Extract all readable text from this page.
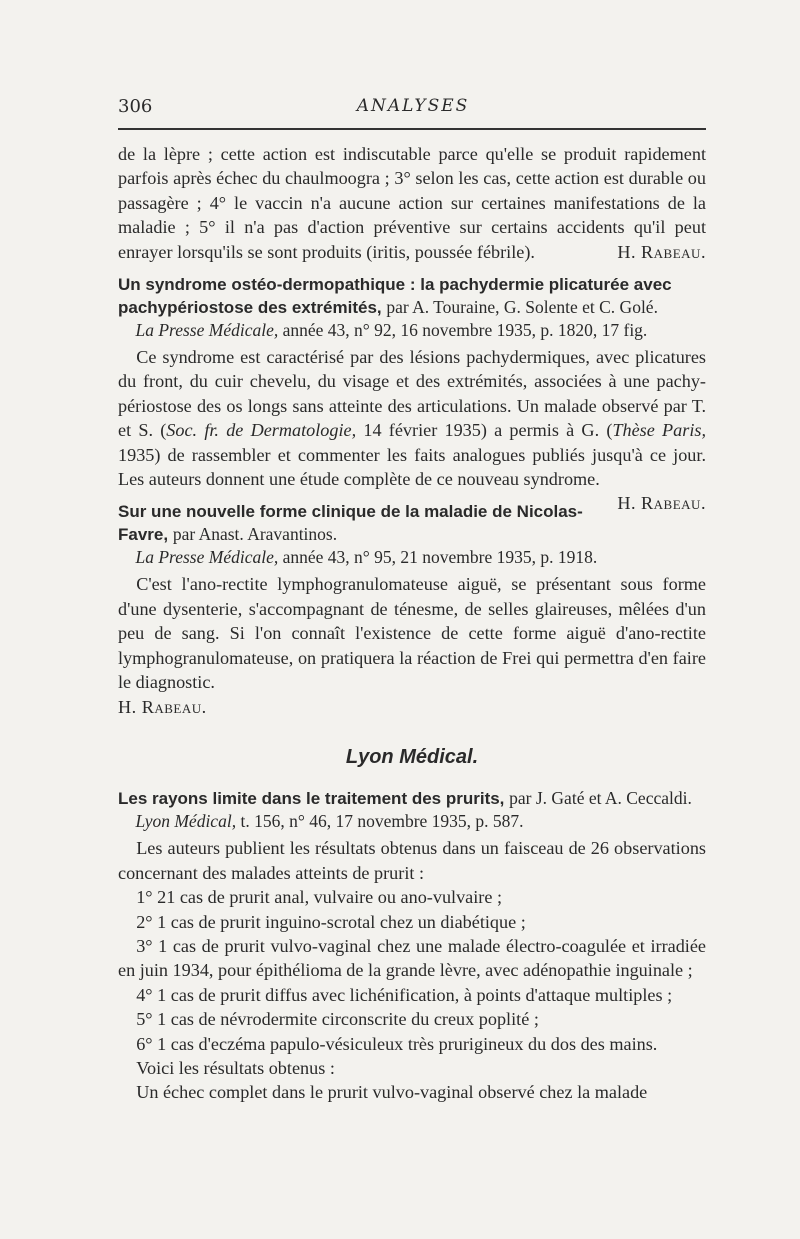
306	ANALYSES

de la lèpre ; cette action est indiscutable parce qu'elle se produit rapidement parfois après échec du chaulmoogra ; 3° selon les cas, cette action est durable ou passagère ; 4° le vaccin n'a aucune action sur certaines manifestations de la maladie ; 5° il n'a pas d'action préventive sur certains accidents qu'il peut enrayer lorsqu'ils se sont produits (iritis, poussée fébrile).	H. Rabeau.

Un syndrome ostéo-dermopathique : la pachydermie plicaturée avec pachypériostose des extrémités, par A. Touraine, G. Solente et C. Golé.
La Presse Médicale, année 43, n° 92, 16 novembre 1935, p. 1820, 17 fig.

Ce syndrome est caractérisé par des lésions pachydermiques, avec plicatures du front, du cuir chevelu, du visage et des extrémités, associées à une pachy-périostose des os longs sans atteinte des articulations. Un malade observé par T. et S. (Soc. fr. de Dermatologie, 14 février 1935) a permis à G. (Thèse Paris, 1935) de rassembler et commenter les faits analogues publiés jusqu'à ce jour. Les auteurs donnent une étude complète de ce nouveau syndrome.
H. Rabeau.

Sur une nouvelle forme clinique de la maladie de Nicolas-Favre, par Anast. Aravantinos.
La Presse Médicale, année 43, n° 95, 21 novembre 1935, p. 1918.

C'est l'ano-rectite lymphogranulomateuse aiguë, se présentant sous forme d'une dysenterie, s'accompagnant de ténesme, de selles glaireuses, mêlées d'un peu de sang. Si l'on connaît l'existence de cette forme aiguë d'ano-rectite lymphogranulomateuse, on pratiquera la réaction de Frei qui permettra d'en faire le diagnostic.

H. Rabeau.

Lyon Médical.
Les rayons limite dans le traitement des prurits, par J. Gaté et A. Ceccaldi.
Lyon Médical, t. 156, n° 46, 17 novembre 1935, p. 587.

Les auteurs publient les résultats obtenus dans un faisceau de 26 observations concernant des malades atteints de prurit :

1° 21 cas de prurit anal, vulvaire ou ano-vulvaire ;

2° 1 cas de prurit inguino-scrotal chez un diabétique ;

3° 1 cas de prurit vulvo-vaginal chez une malade électro-coagulée et irradiée en juin 1934, pour épithélioma de la grande lèvre, avec adénopathie inguinale ;

4° 1 cas de prurit diffus avec lichénification, à points d'attaque multiples ;

5° 1 cas de névrodermite circonscrite du creux poplité ;

6° 1 cas d'eczéma papulo-vésiculeux très prurigineux du dos des mains.

Voici les résultats obtenus :

Un échec complet dans le prurit vulvo-vaginal observé chez la malade
